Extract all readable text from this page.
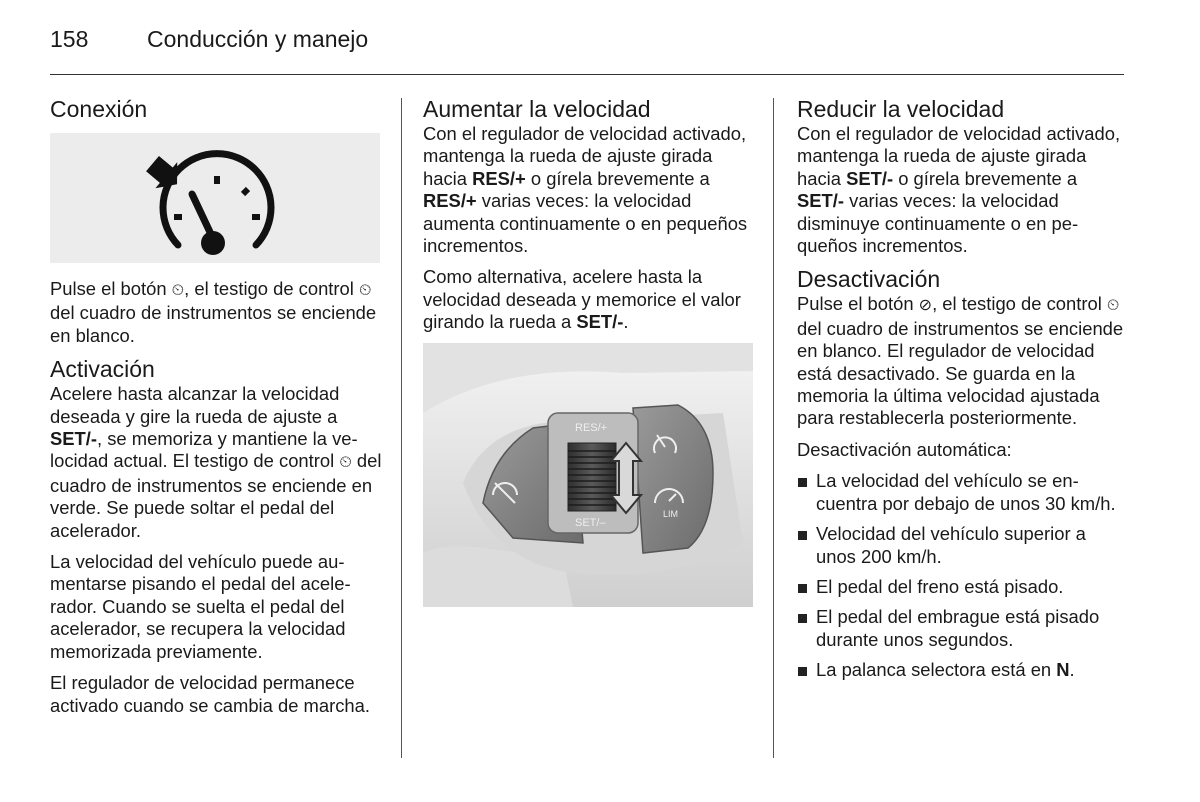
158	Conducción y manejo
Conexión

Pulse el botón ⏲, el testigo de control ⏲ del cuadro de instrumentos se enciende en blanco.

Activación

Acelere hasta alcanzar la velocidad deseada y gire la rueda de ajuste a SET/-, se memoriza y mantiene la velocidad actual. El testigo de control ⏲ del cuadro de instrumentos se enciende en verde. Se puede soltar el pedal del acelerador.

La velocidad del vehículo puede aumentarse pisando el pedal del acelerador. Cuando se suelta el pedal del acelerador, se recupera la velocidad memorizada previamente.

El regulador de velocidad permanece activado cuando se cambia de marcha.

Aumentar la velocidad

Con el regulador de velocidad activado, mantenga la rueda de ajuste girada hacia RES/+ o gírela brevemente a RES/+ varias veces: la velocidad aumenta continuamente o en pequeños incrementos.

Como alternativa, acelere hasta la velocidad deseada y memorice el valor girando la rueda a SET/-.

RES/+
SET/–
LIM
Reducir la velocidad

Con el regulador de velocidad activado, mantenga la rueda de ajuste girada hacia SET/- o gírela brevemente a SET/- varias veces: la velocidad disminuye continuamente o en pequeños incrementos.

Desactivación

Pulse el botón ⊘, el testigo de control ⏲ del cuadro de instrumentos se enciende en blanco. El regulador de velocidad está desactivado. Se guarda en la memoria la última velocidad ajustada para restablecerla posteriormente.

Desactivación automática:

La velocidad del vehículo se encuentra por debajo de unos 30 km/h.
Velocidad del vehículo superior a unos 200 km/h.
El pedal del freno está pisado.
El pedal del embrague está pisado durante unos segundos.
La palanca selectora está en N.
